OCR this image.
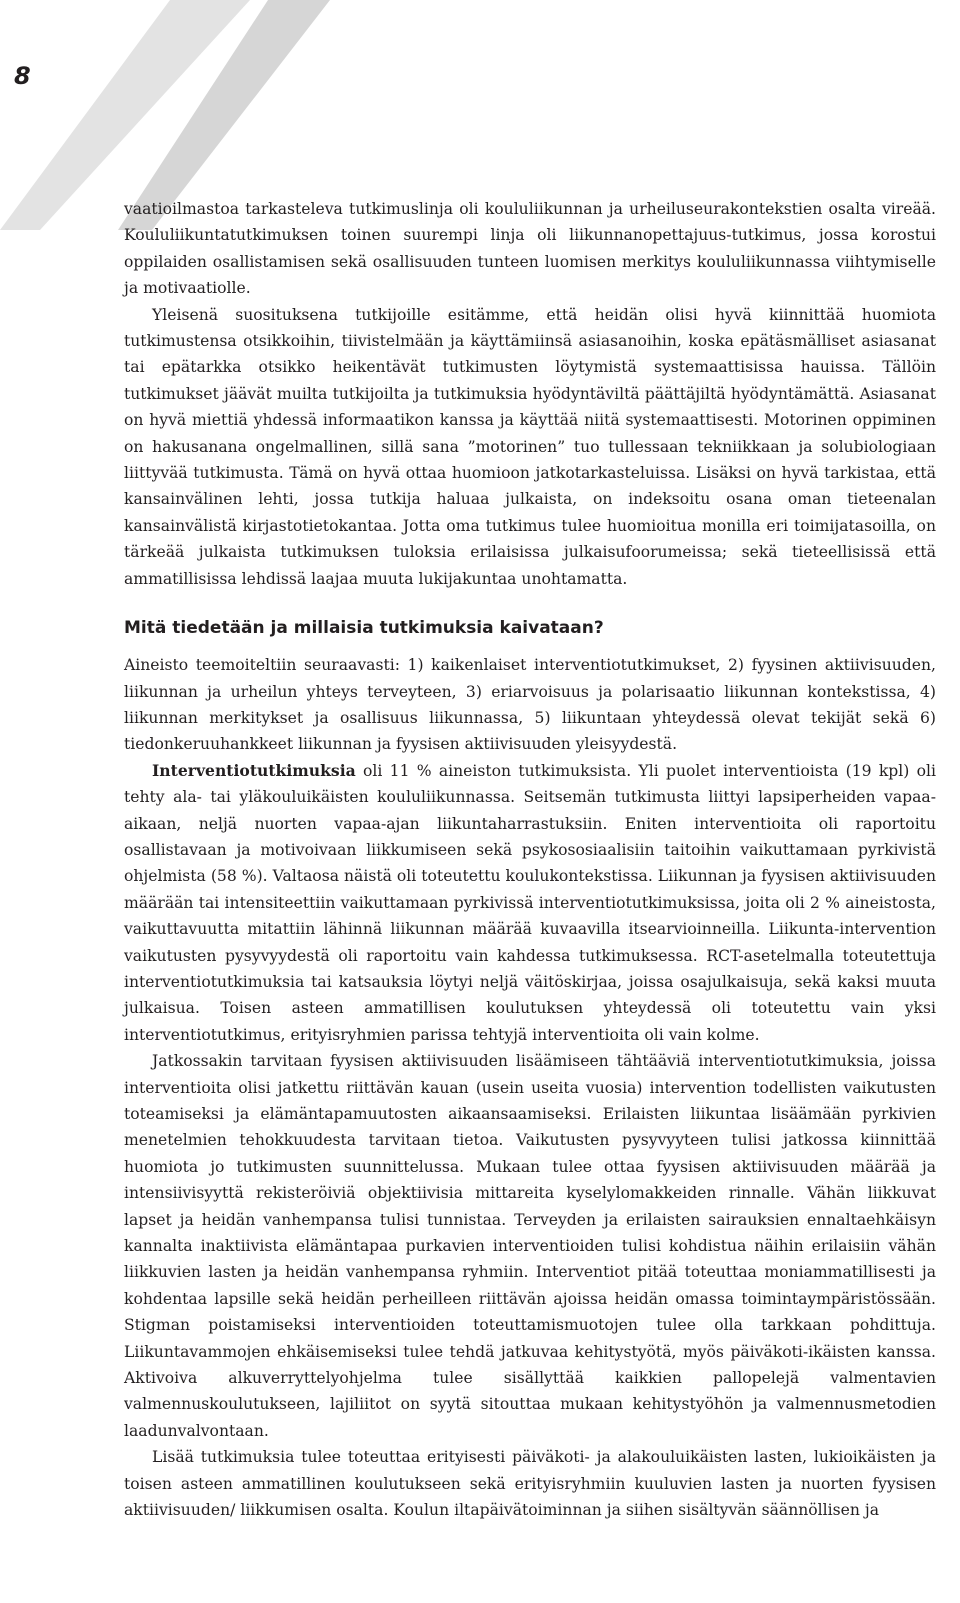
8

vaatioilmastoa tarkasteleva tutkimuslinja oli koululiikunnan ja urheiluseurakontekstien osalta vireää. Koululiikuntatutkimuksen toinen suurempi linja oli liikunnanopettajuus-tutkimus, jossa korostui oppilaiden osallistamisen sekä osallisuuden tunteen luomisen merkitys koululiikunnassa viihtymiselle ja motivaatiolle.

Yleisenä suosituksena tutkijoille esitämme, että heidän olisi hyvä kiinnittää huomiota tutkimustensa otsikkoihin, tiivistelmään ja käyttämiinsä asiasanoihin, koska epätäsmälliset asiasanat tai epätarkka otsikko heikentävät tutkimusten löytymistä systemaattisissa hauissa. Tällöin tutkimukset jäävät muilta tutkijoilta ja tutkimuksia hyödyntäviltä päättäjiltä hyödyntämättä. Asiasanat on hyvä miettiä yhdessä informaatikon kanssa ja käyttää niitä systemaattisesti. Motorinen oppiminen on hakusanana ongelmallinen, sillä sana ”motorinen” tuo tullessaan tekniikkaan ja solubiologiaan liittyvää tutkimusta. Tämä on hyvä ottaa huomioon jatkotarkasteluissa. Lisäksi on hyvä tarkistaa, että kansainvälinen lehti, jossa tutkija haluaa julkaista, on indeksoitu osana oman tieteenalan kansainvälistä kirjastotietokantaa. Jotta oma tutkimus tulee huomioitua monilla eri toimijatasoilla, on tärkeää julkaista tutkimuksen tuloksia erilaisissa julkaisufoorumeissa; sekä tieteellisissä että ammatillisissa lehdissä laajaa muuta lukijakuntaa unohtamatta.

Mitä tiedetään ja millaisia tutkimuksia kaivataan?

Aineisto teemoiteltiin seuraavasti: 1) kaikenlaiset interventiotutkimukset, 2) fyysinen aktiivisuuden, liikunnan ja urheilun yhteys terveyteen, 3) eriarvoisuus ja polarisaatio liikunnan kontekstissa, 4) liikunnan merkitykset ja osallisuus liikunnassa, 5) liikuntaan yhteydessä olevat tekijät sekä 6) tiedonkeruuhankkeet liikunnan ja fyysisen aktiivisuuden yleisyydestä.

Interventiotutkimuksia oli 11 % aineiston tutkimuksista. Yli puolet interventioista (19 kpl) oli tehty ala- tai yläkouluikäisten koululiikunnassa. Seitsemän tutkimusta liittyi lapsiperheiden vapaa-aikaan, neljä nuorten vapaa-ajan liikuntaharrastuksiin. Eniten interventioita oli raportoitu osallistavaan ja motivoivaan liikkumiseen sekä psykososiaalisiin taitoihin vaikuttamaan pyrkivistä ohjelmista (58 %). Valtaosa näistä oli toteutettu koulukontekstissa. Liikunnan ja fyysisen aktiivisuuden määrään tai intensiteettiin vaikuttamaan pyrkivissä interventiotutkimuksissa, joita oli 2 % aineistosta, vaikuttavuutta mitattiin lähinnä liikunnan määrää kuvaavilla itsearvioinneilla. Liikunta-intervention vaikutusten pysyvyydestä oli raportoitu vain kahdessa tutkimuksessa. RCT-asetelmalla toteutettuja interventiotutkimuksia tai katsauksia löytyi neljä väitöskirjaa, joissa osajulkaisuja, sekä kaksi muuta julkaisua. Toisen asteen ammatillisen koulutuksen yhteydessä oli toteutettu vain yksi interventiotutkimus, erityisryhmien parissa tehtyjä interventioita oli vain kolme.

Jatkossakin tarvitaan fyysisen aktiivisuuden lisäämiseen tähtääviä interventiotutkimuksia, joissa interventioita olisi jatkettu riittävän kauan (usein useita vuosia) intervention todellisten vaikutusten toteamiseksi ja elämäntapamuutosten aikaansaamiseksi. Erilaisten liikuntaa lisäämään pyrkivien menetelmien tehokkuudesta tarvitaan tietoa. Vaikutusten pysyvyyteen tulisi jatkossa kiinnittää huomiota jo tutkimusten suunnittelussa. Mukaan tulee ottaa fyysisen aktiivisuuden määrää ja intensiivisyyttä rekisteröiviä objektiivisia mittareita kyselylomakkeiden rinnalle. Vähän liikkuvat lapset ja heidän vanhempansa tulisi tunnistaa. Terveyden ja erilaisten sairauksien ennaltaehkäisyn kannalta inaktiivista elämäntapaa purkavien interventioiden tulisi kohdistua näihin erilaisiin vähän liikkuvien lasten ja heidän vanhempansa ryhmiin. Interventiot pitää toteuttaa moniammatillisesti ja kohdentaa lapsille sekä heidän perheilleen riittävän ajoissa heidän omassa toimintaympäristössään. Stigman poistamiseksi interventioiden toteuttamismuotojen tulee olla tarkkaan pohdittuja. Liikuntavammojen ehkäisemiseksi tulee tehdä jatkuvaa kehitystyötä, myös päiväkoti-ikäisten kanssa. Aktivoiva alkuverryttelyohjelma tulee sisällyttää kaikkien pallopelejä valmentavien valmennuskoulutukseen, lajiliitot on syytä sitouttaa mukaan kehitystyöhön ja valmennusmetodien laadunvalvontaan.

Lisää tutkimuksia tulee toteuttaa erityisesti päiväkoti- ja alakouluikäisten lasten, lukioikäisten ja toisen asteen ammatillinen koulutukseen sekä erityisryhmiin kuuluvien lasten ja nuorten fyysisen aktiivisuuden/ liikkumisen osalta. Koulun iltapäivätoiminnan ja siihen sisältyvän säännöllisen ja
